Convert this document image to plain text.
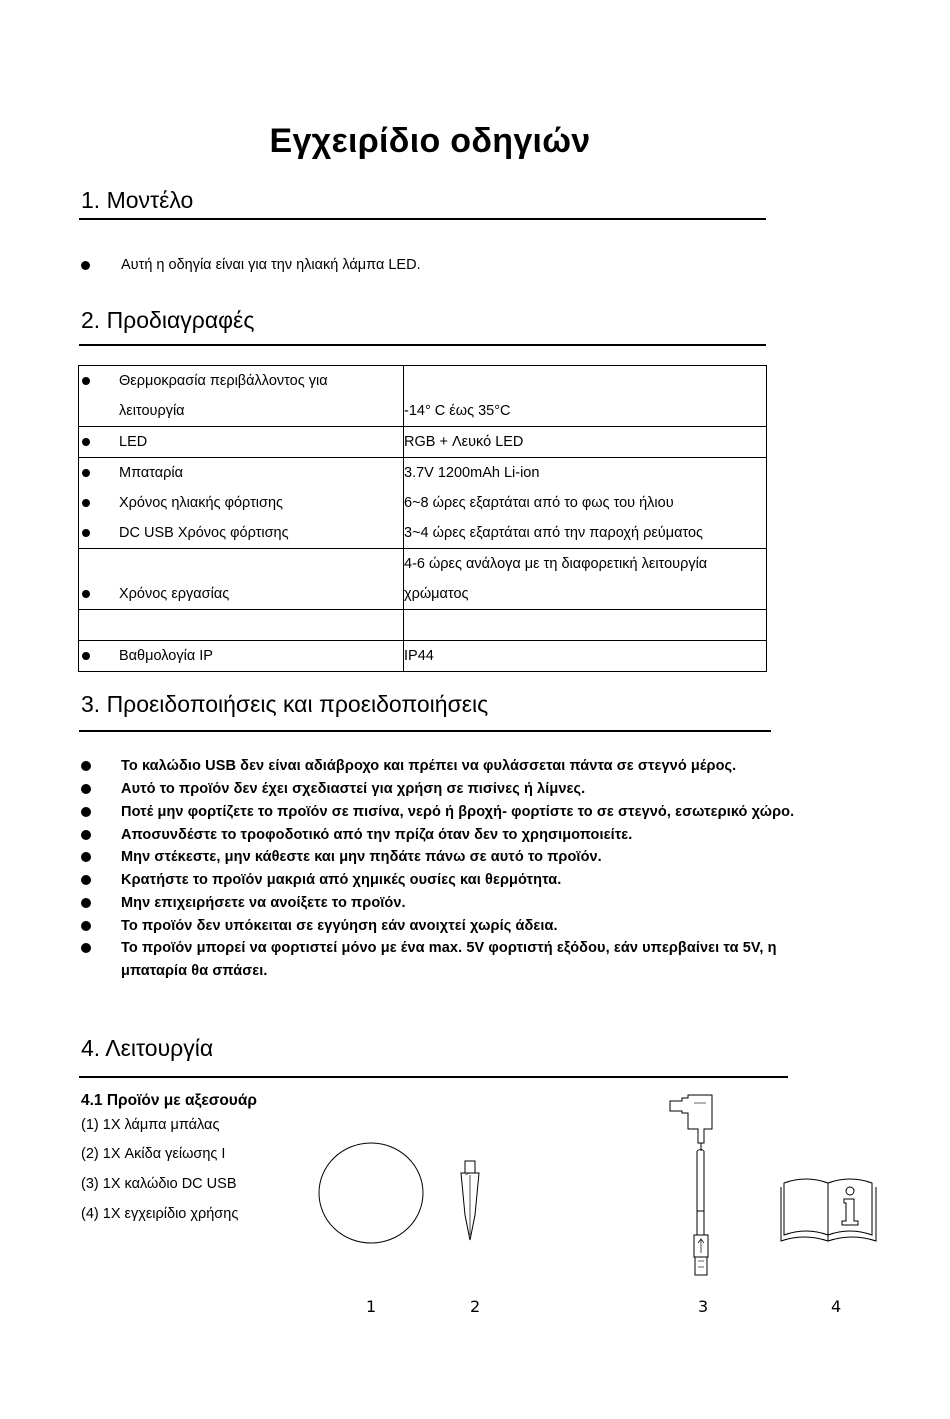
Εγχειρίδιο οδηγιών
1. Μοντέλο
Αυτή η οδηγία είναι για την ηλιακή λάμπα LED.
2. Προδιαγραφές
Θερμοκρασία περιβάλλοντος για
λειτουργία	-14° C έως 35°C

LED	RGB + Λευκό LED

Μπαταρία	3.7V 1200mAh Li-ion

Χρόνος ηλιακής φόρτισης	6~8 ώρες εξαρτάται από το φως του ήλιου

DC USB Χρόνος φόρτισης	3~4 ώρες εξαρτάται από την παροχή ρεύματος

Χρόνος εργασίας	4-6 ώρες ανάλογα με τη διαφορετική λειτουργία
χρώματος

Βαθμολογία IP	IP44
3. Προειδοποιήσεις και προειδοποιήσεις
Το καλώδιο USB δεν είναι αδιάβροχο και πρέπει να φυλάσσεται πάντα σε στεγνό μέρος.
Αυτό το προϊόν δεν έχει σχεδιαστεί για χρήση σε πισίνες ή λίμνες.
Ποτέ μην φορτίζετε το προϊόν σε πισίνα, νερό ή βροχή- φορτίστε το σε στεγνό, εσωτερικό χώρο.
Αποσυνδέστε το τροφοδοτικό από την πρίζα όταν δεν το χρησιμοποιείτε.
Μην στέκεστε, μην κάθεστε και μην πηδάτε πάνω σε αυτό το προϊόν.
Κρατήστε το προϊόν μακριά από χημικές ουσίες και θερμότητα.
Μην επιχειρήσετε να ανοίξετε το προϊόν.
Το προϊόν δεν υπόκειται σε εγγύηση εάν ανοιχτεί χωρίς άδεια.
Το προϊόν μπορεί να φορτιστεί μόνο με ένα max. 5V φορτιστή εξόδου, εάν υπερβαίνει τα 5V, η
μπαταρία θα σπάσει.
4. Λειτουργία
4.1 Προϊόν με αξεσουάρ
(1) 1X λάμπα μπάλας
(2) 1X Ακίδα γείωσης I
(3) 1X καλώδιο DC USB
(4) 1X εγχειρίδιο χρήσης
1	2	3	4
